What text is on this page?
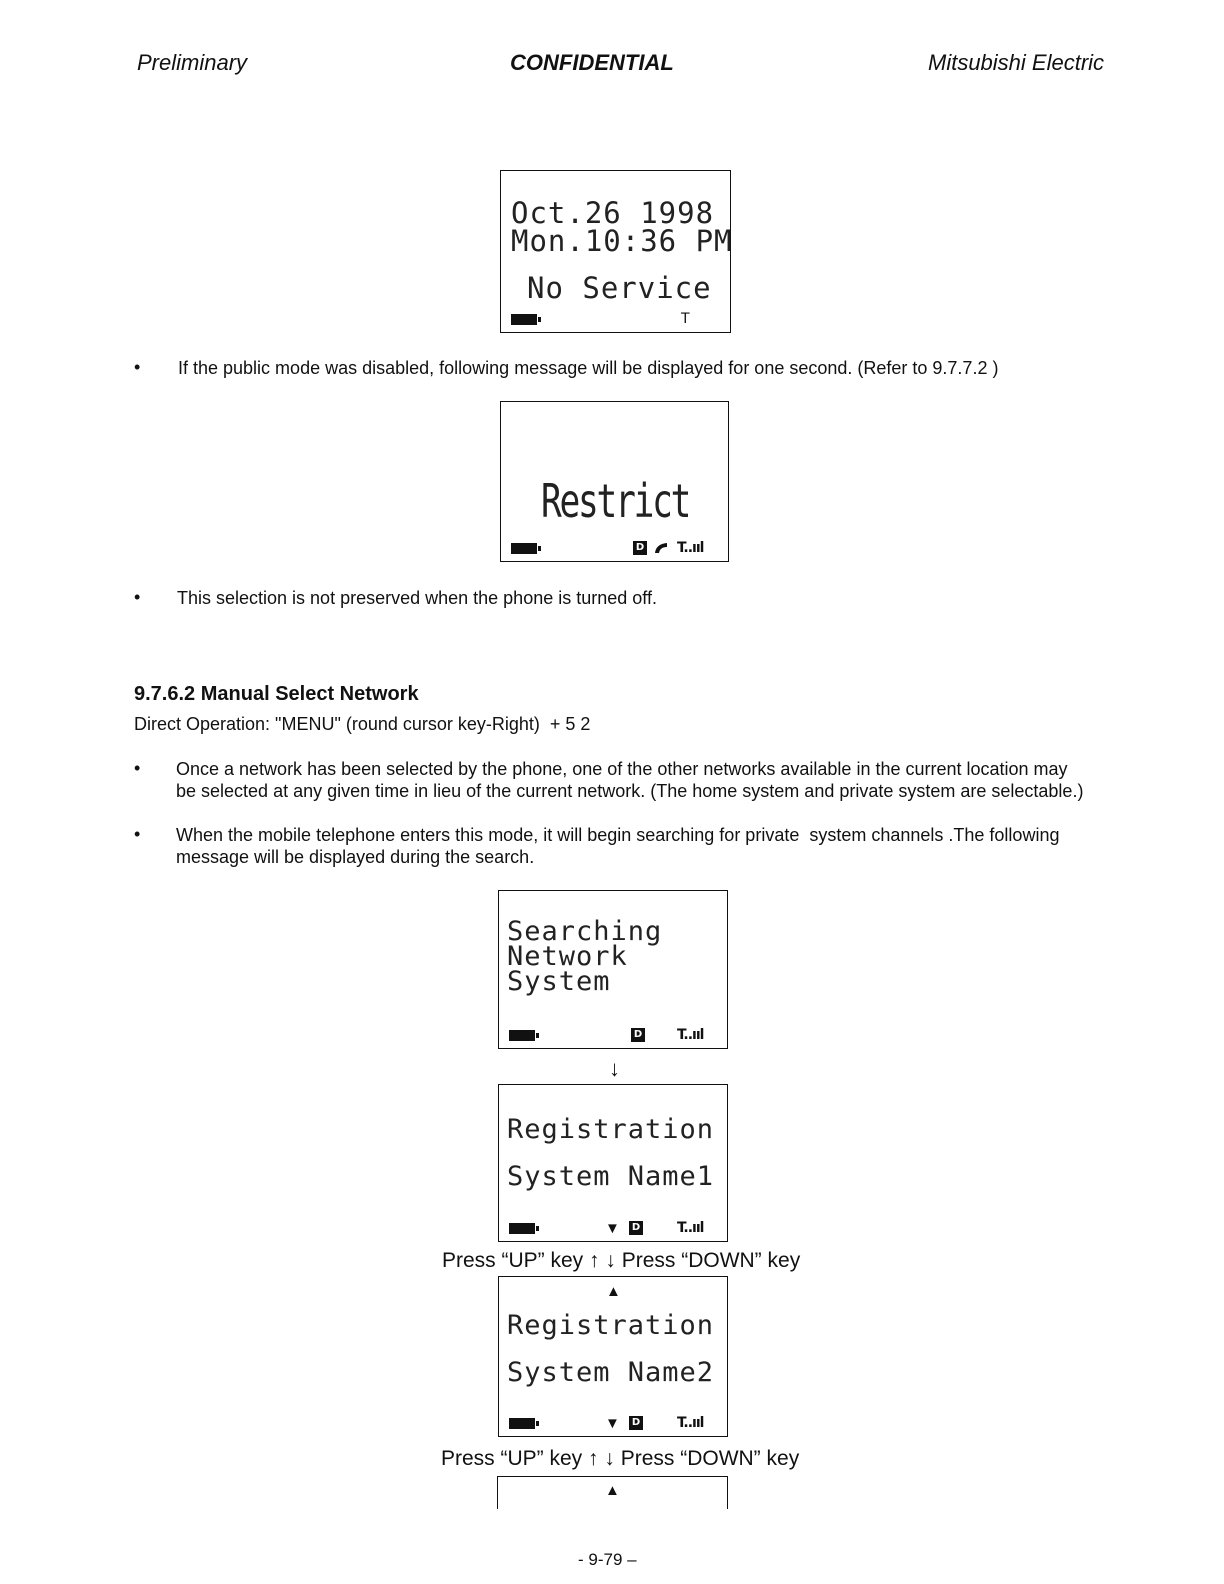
Preliminary	CONFIDENTIAL	Mitsubishi Electric
Oct.26 1998
Mon.10:36 PM
No Service
T
• If the public mode was disabled, following message will be displayed for one second. (Refer to 9.7.7.2 )
Restrict
D T..ııl
• This selection is not preserved when the phone is turned off.
9.7.6.2 Manual Select Network
Direct Operation: "MENU" (round cursor key-Right)  + 5 2
• Once a network has been selected by the phone, one of the other networks available in the current location may be selected at any given time in lieu of the current network. (The home system and private system are selectable.)
• When the mobile telephone enters this mode, it will begin searching for private  system channels .The following message will be displayed during the search.
Searching
Network
System
D T..ııl
↓
Registration
System Name1
▼ D	T..ııl
Press “UP” key ↑ ↓ Press “DOWN” key
▲
Registration
System Name2
▼ D	T..ııl
Press “UP” key ↑ ↓ Press “DOWN” key
▲
- 9-79 –
